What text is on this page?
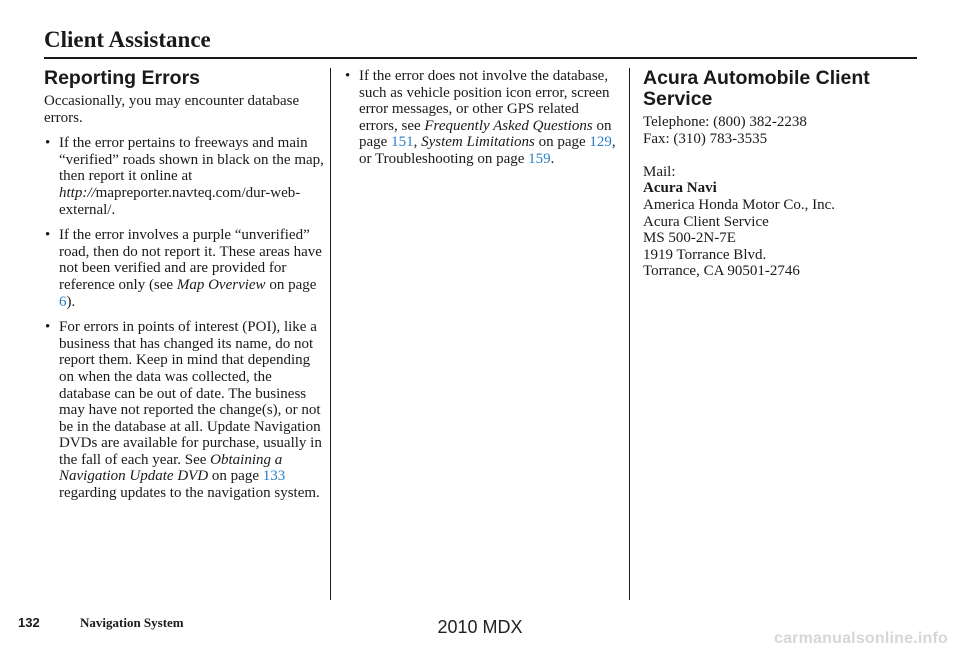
Client Assistance
Reporting Errors

Occasionally, you may encounter database errors.

• If the error pertains to freeways and main “verified” roads shown in black on the map, then report it online at http://mapreporter.navteq.com/dur-web-external/.
• If the error involves a purple “unverified” road, then do not report it. These areas have not been verified and are provided for reference only (see Map Overview on page 6).
• For errors in points of interest (POI), like a business that has changed its name, do not report them. Keep in mind that depending on when the data was collected, the database can be out of date. The business may have not reported the change(s), or not be in the database at all. Update Navigation DVDs are available for purchase, usually in the fall of each year. See Obtaining a Navigation Update DVD on page 133 regarding updates to the navigation system.
• If the error does not involve the database, such as vehicle position icon error, screen error messages, or other GPS related errors, see Frequently Asked Questions on page 151, System Limitations on page 129, or Troubleshooting on page 159.
Acura Automobile Client Service

Telephone: (800) 382-2238

Fax: (310) 783-3535

Mail:

Acura Navi

America Honda Motor Co., Inc.

Acura Client Service

MS 500-2N-7E

1919 Torrance Blvd.

Torrance, CA 90501-2746

132	Navigation System	2010 MDX
carmanualsonline.info
